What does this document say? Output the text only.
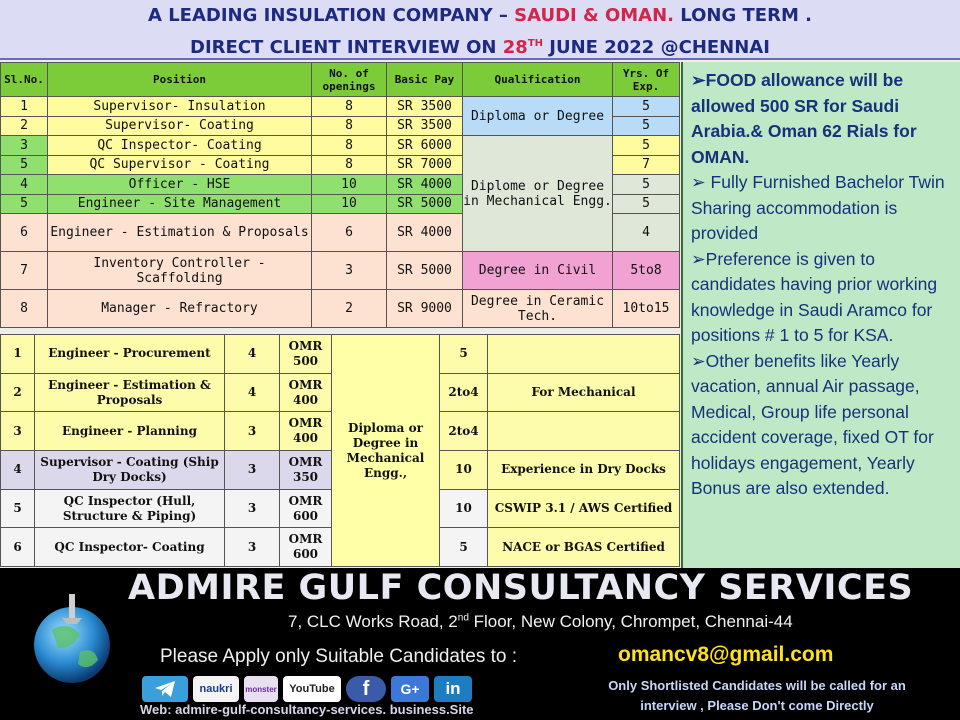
A LEADING INSULATION COMPANY – SAUDI & OMAN. LONG TERM .
DIRECT CLIENT INTERVIEW ON 28TH JUNE 2022 @CHENNAI
Sl.No.	Position	No. of openings	Basic Pay	Qualification	Yrs. Of Exp.
1	Supervisor- Insulation	8	SR 3500	Diploma or Degree	5
2	Supervisor- Coating	8	SR 3500		5
3	QC Inspector- Coating	8	SR 6000	Diplome or Degree in Mechanical Engg.	5
5	QC Supervisor - Coating	8	SR 7000		7
4	Officer - HSE	10	SR 4000		5
5	Engineer - Site Management	10	SR 5000		5
6	Engineer - Estimation & Proposals	6	SR 4000		4
7	Inventory Controller - Scaffolding	3	SR 5000	Degree in Civil	5to8
8	Manager - Refractory	2	SR 9000	Degree in Ceramic Tech.	10to15
1	Engineer - Procurement	4	OMR 500	Diploma or Degree in Mechanical Engg.,	5	
2	Engineer - Estimation & Proposals	4	OMR 400		2to4	For Mechanical
3	Engineer - Planning	3	OMR 400		2to4	
4	Supervisor - Coating (Ship Dry Docks)	3	OMR 350		10	Experience in Dry Docks
5	QC Inspector (Hull, Structure & Piping)	3	OMR 600		10	CSWIP 3.1 / AWS Certified
6	QC Inspector- Coating	3	OMR 600		5	NACE or BGAS Certified

➢FOOD allowance will be allowed 500 SR for Saudi Arabia.& Oman 62 Rials for OMAN.

➢ Fully Furnished Bachelor Twin Sharing accommodation is provided

➢Preference is given to candidates having prior working knowledge in Saudi Aramco for positions # 1 to 5 for KSA.

➢Other benefits like Yearly vacation, annual Air passage, Medical, Group life personal accident coverage, fixed OT for holidays engagement, Yearly Bonus are also extended.

ADMIRE GULF CONSULTANCY SERVICES
7, CLC Works Road, 2nd Floor, New Colony, Chrompet, Chennai-44
Please Apply only Suitable Candidates to :	omancv8@gmail.com
naukri	monster	YouTube	f	G+	in
Web: admire-gulf-consultancy-services. business.Site
Only Shortlisted Candidates will be called for an interview , Please Don't come Directly
